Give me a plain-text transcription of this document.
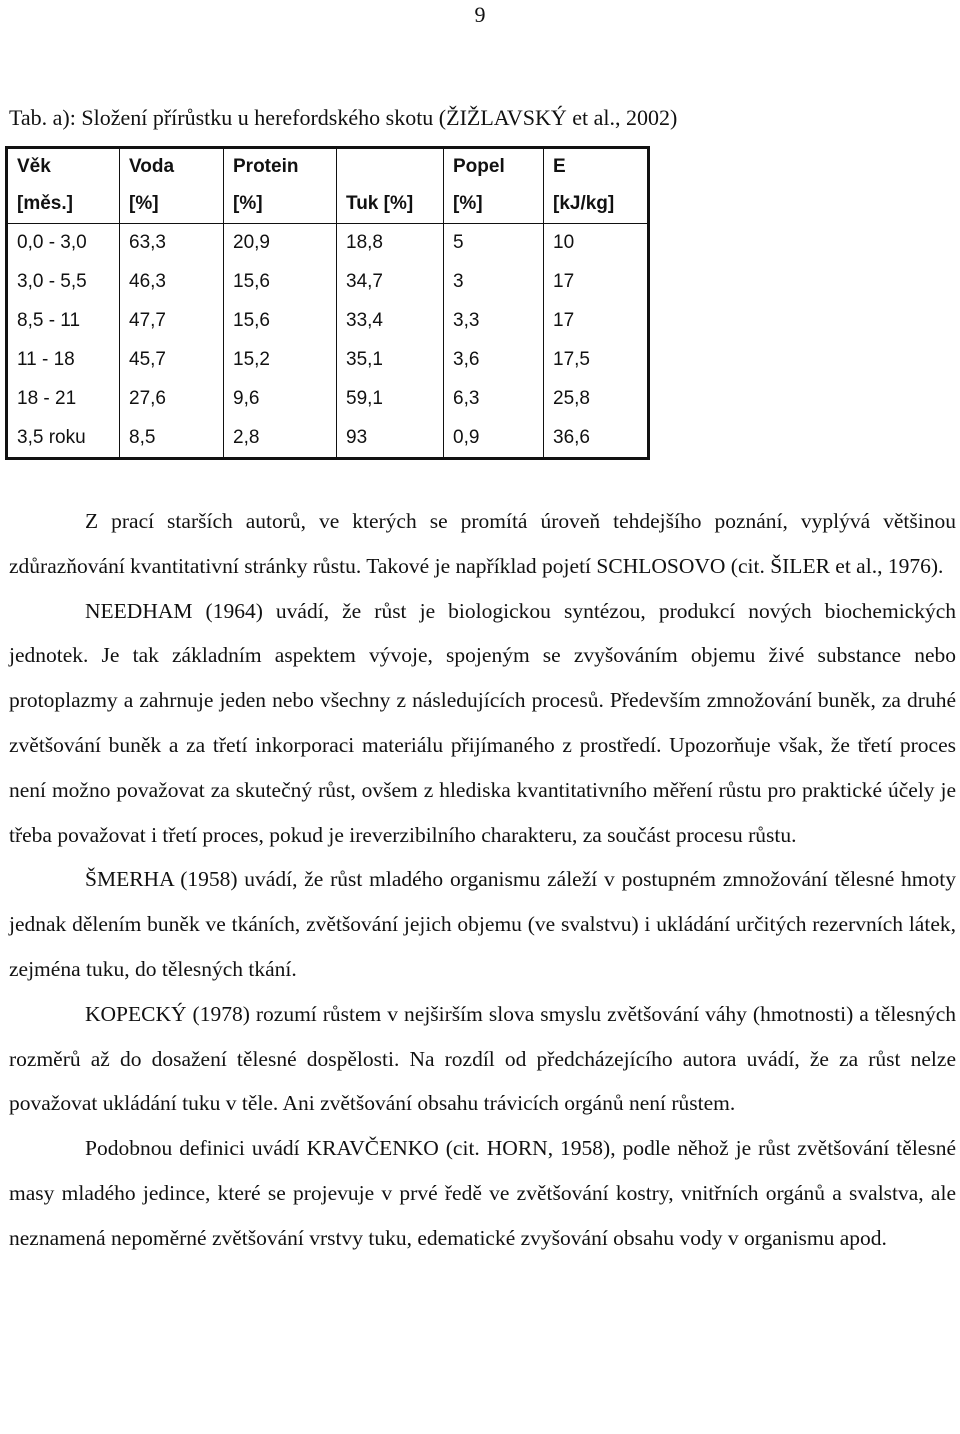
9
Tab. a): Složení přírůstku u herefordského skotu (ŽIŽLAVSKÝ et al., 2002)
Věk	Voda	Protein		Popel	E
[měs.]	[%]	[%]	Tuk [%]	[%]	[kJ/kg]
0,0 - 3,0	63,3	20,9	18,8	5	10
3,0 - 5,5	46,3	15,6	34,7	3	17
8,5 - 11	47,7	15,6	33,4	3,3	17
11 - 18	45,7	15,2	35,1	3,6	17,5
18 - 21	27,6	9,6	59,1	6,3	25,8
3,5 roku	8,5	2,8	93	0,9	36,6

Z prací starších autorů, ve kterých se promítá úroveň tehdejšího poznání, vyplývá většinou zdůrazňování kvantitativní stránky růstu. Takové je například pojetí SCHLOSOVO (cit. ŠILER et al., 1976).

NEEDHAM (1964) uvádí, že růst je biologickou syntézou, produkcí nových biochemických jednotek. Je tak základním aspektem vývoje, spojeným se zvyšováním objemu živé substance nebo protoplazmy a zahrnuje jeden nebo všechny z následujících procesů. Především zmnožování buněk, za druhé zvětšování buněk a za třetí inkorporaci materiálu přijímaného z prostředí. Upozorňuje však, že třetí proces není možno považovat za skutečný růst, ovšem z hlediska kvantitativního měření růstu pro praktické účely je třeba považovat i třetí proces, pokud je ireverzibilního charakteru, za součást procesu růstu.

ŠMERHA (1958) uvádí, že růst mladého organismu záleží v postupném zmnožování tělesné hmoty jednak dělením buněk ve tkáních, zvětšování jejich objemu (ve svalstvu) i ukládání určitých rezervních látek, zejména tuku, do tělesných tkání.

KOPECKÝ (1978) rozumí růstem v nejširším slova smyslu zvětšování váhy (hmotnosti) a tělesných rozměrů až do dosažení tělesné dospělosti. Na rozdíl od předcházejícího autora uvádí, že za růst nelze považovat ukládání tuku v těle. Ani zvětšování obsahu trávicích orgánů není růstem.

Podobnou definici uvádí KRAVČENKO (cit. HORN, 1958), podle něhož je růst zvětšování tělesné masy mladého jedince, které se projevuje v prvé ředě ve zvětšování kostry, vnitřních orgánů a svalstva, ale neznamená nepoměrné zvětšování vrstvy tuku, edematické zvyšování obsahu vody v organismu apod.
